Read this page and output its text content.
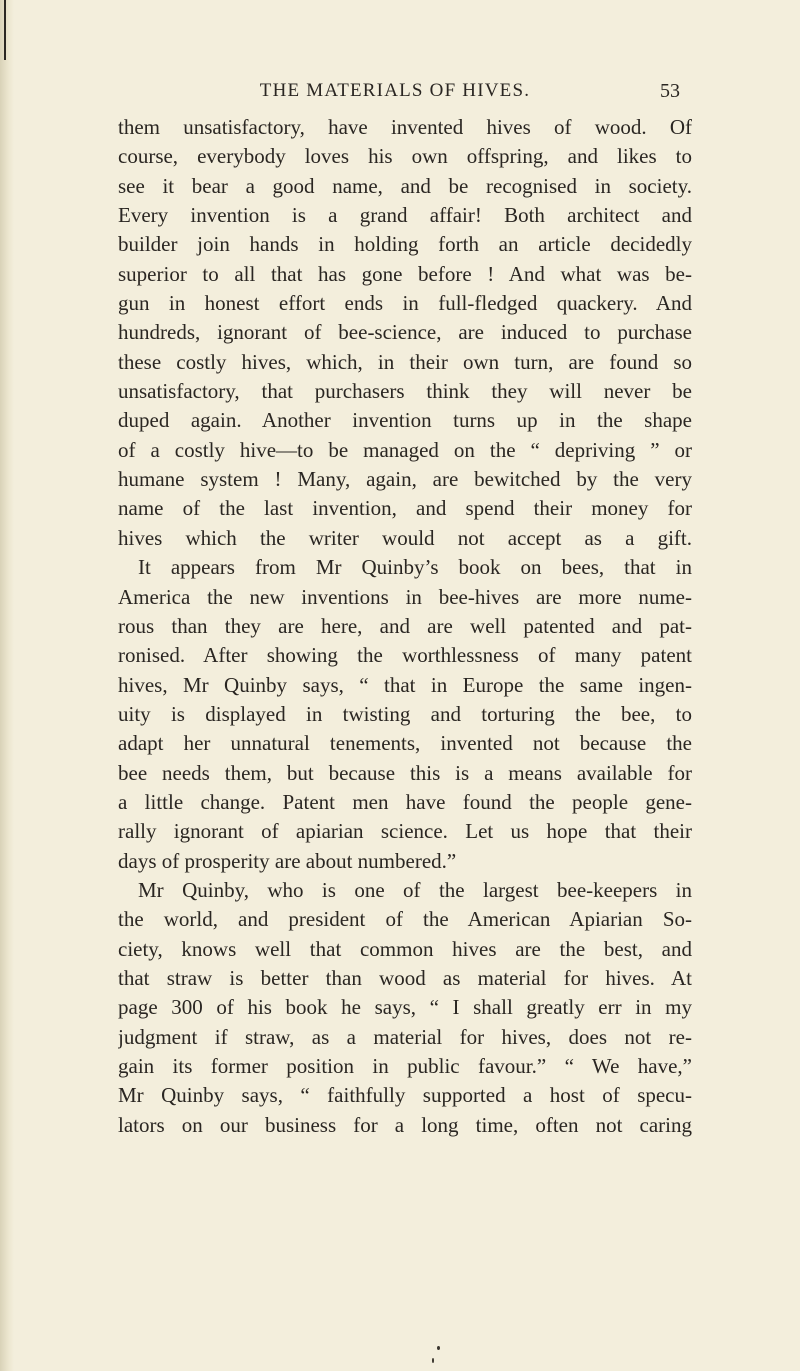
THE MATERIALS OF HIVES.	53
them unsatisfactory, have invented hives of wood. Of
course, everybody loves his own offspring, and likes to
see it bear a good name, and be recognised in society.
Every invention is a grand affair! Both architect and
builder join hands in holding forth an article decidedly
superior to all that has gone before ! And what was be-
gun in honest effort ends in full-fledged quackery. And
hundreds, ignorant of bee-science, are induced to purchase
these costly hives, which, in their own turn, are found so
unsatisfactory, that purchasers think they will never be
duped again. Another invention turns up in the shape
of a costly hive—to be managed on the “ depriving ” or
humane system ! Many, again, are bewitched by the very
name of the last invention, and spend their money for
hives which the writer would not accept as a gift.
It appears from Mr Quinby’s book on bees, that in
America the new inventions in bee-hives are more nume-
rous than they are here, and are well patented and pat-
ronised. After showing the worthlessness of many patent
hives, Mr Quinby says, “ that in Europe the same ingen-
uity is displayed in twisting and torturing the bee, to
adapt her unnatural tenements, invented not because the
bee needs them, but because this is a means available for
a little change. Patent men have found the people gene-
rally ignorant of apiarian science. Let us hope that their
days of prosperity are about numbered.”
Mr Quinby, who is one of the largest bee-keepers in
the world, and president of the American Apiarian So-
ciety, knows well that common hives are the best, and
that straw is better than wood as material for hives. At
page 300 of his book he says, “ I shall greatly err in my
judgment if straw, as a material for hives, does not re-
gain its former position in public favour.” “ We have,”
Mr Quinby says, “ faithfully supported a host of specu-
lators on our business for a long time, often not caring
